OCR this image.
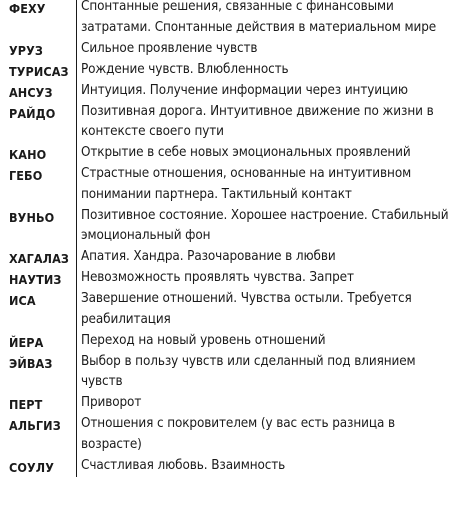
ФЕХУ	Спонтанные решения, связанные с финансовыми затратами. Спонтанные действия в материальном мире
УРУЗ	Сильное проявление чувств
ТУРИСАЗ Рождение чувств. Влюбленность
АНСУЗ	Интуиция. Получение информации через интуицию
РАЙДО	Позитивная дорога. Интуитивное движение по жизни в контексте своего пути
КАНО	Открытие в себе новых эмоциональных проявлений
ГЕБО	Страстные отношения, основанные на интуитивном понимании партнера. Тактильный контакт
ВУНЬО	Позитивное состояние. Хорошее настроение. Стабильный эмоциональный фон
ХАГАЛАЗ Апатия. Хандра. Разочарование в любви
НАУТИЗ	Невозможность проявлять чувства. Запрет
ИСА	Завершение отношений. Чувства остыли. Требуется реабилитация
ЙЕРА	Переход на новый уровень отношений
ЭЙВАЗ	Выбор в пользу чувств или сделанный под влиянием чувств
ПЕРТ	Приворот
АЛЬГИЗ	Отношения с покровителем (у вас есть разница в возрасте)
СОУЛУ	Счастливая любовь. Взаимность
